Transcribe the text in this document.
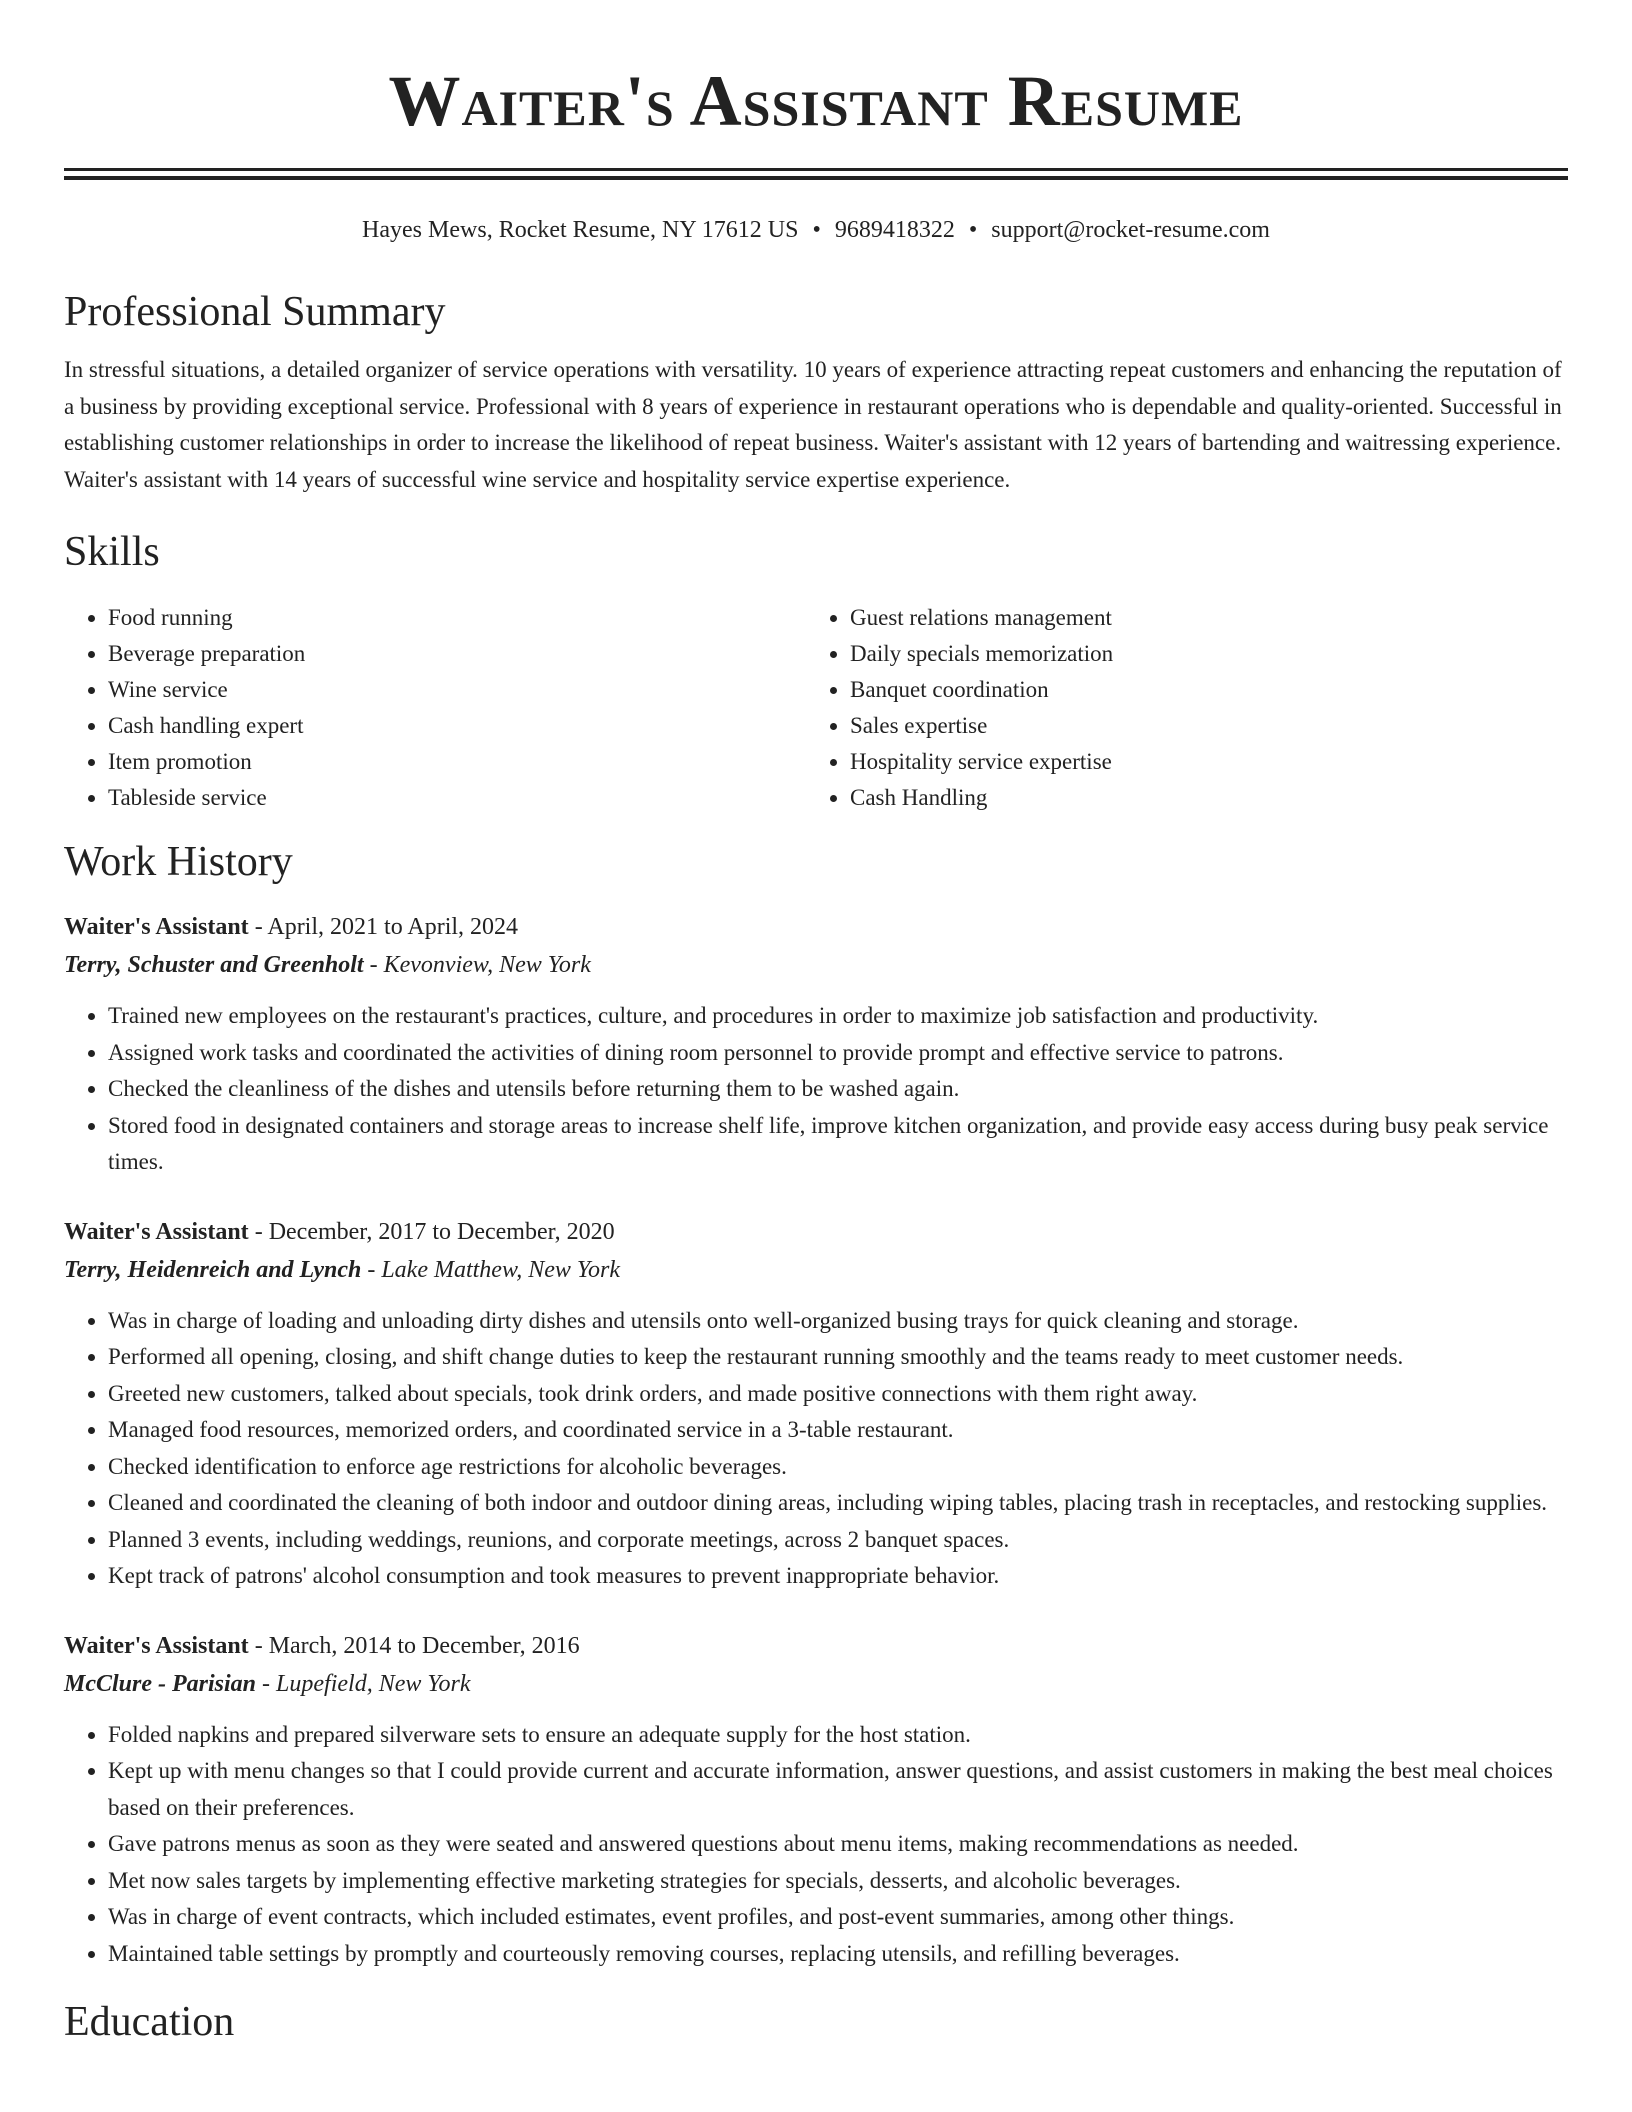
Waiter's Assistant Resume
Hayes Mews, Rocket Resume, NY 17612 US • 9689418322 • support@rocket-resume.com
Professional Summary

In stressful situations, a detailed organizer of service operations with versatility. 10 years of experience attracting repeat customers and enhancing the reputation of a business by providing exceptional service. Professional with 8 years of experience in restaurant operations who is dependable and quality-oriented. Successful in establishing customer relationships in order to increase the likelihood of repeat business. Waiter's assistant with 12 years of bartending and waitressing experience. Waiter's assistant with 14 years of successful wine service and hospitality service expertise experience.

Skills
• Food running
• Beverage preparation
• Wine service
• Cash handling expert
• Item promotion
• Tableside service
• Guest relations management
• Daily specials memorization
• Banquet coordination
• Sales expertise
• Hospitality service expertise
• Cash Handling
Work History
Waiter's Assistant - April, 2021 to April, 2024
Terry, Schuster and Greenholt - Kevonview, New York
• Trained new employees on the restaurant's practices, culture, and procedures in order to maximize job satisfaction and productivity.
• Assigned work tasks and coordinated the activities of dining room personnel to provide prompt and effective service to patrons.
• Checked the cleanliness of the dishes and utensils before returning them to be washed again.
• Stored food in designated containers and storage areas to increase shelf life, improve kitchen organization, and provide easy access during busy peak service times.
Waiter's Assistant - December, 2017 to December, 2020
Terry, Heidenreich and Lynch - Lake Matthew, New York
• Was in charge of loading and unloading dirty dishes and utensils onto well-organized busing trays for quick cleaning and storage.
• Performed all opening, closing, and shift change duties to keep the restaurant running smoothly and the teams ready to meet customer needs.
• Greeted new customers, talked about specials, took drink orders, and made positive connections with them right away.
• Managed food resources, memorized orders, and coordinated service in a 3-table restaurant.
• Checked identification to enforce age restrictions for alcoholic beverages.
• Cleaned and coordinated the cleaning of both indoor and outdoor dining areas, including wiping tables, placing trash in receptacles, and restocking supplies.
• Planned 3 events, including weddings, reunions, and corporate meetings, across 2 banquet spaces.
• Kept track of patrons' alcohol consumption and took measures to prevent inappropriate behavior.
Waiter's Assistant - March, 2014 to December, 2016
McClure - Parisian - Lupefield, New York
• Folded napkins and prepared silverware sets to ensure an adequate supply for the host station.
• Kept up with menu changes so that I could provide current and accurate information, answer questions, and assist customers in making the best meal choices based on their preferences.
• Gave patrons menus as soon as they were seated and answered questions about menu items, making recommendations as needed.
• Met now sales targets by implementing effective marketing strategies for specials, desserts, and alcoholic beverages.
• Was in charge of event contracts, which included estimates, event profiles, and post-event summaries, among other things.
• Maintained table settings by promptly and courteously removing courses, replacing utensils, and refilling beverages.
Education
